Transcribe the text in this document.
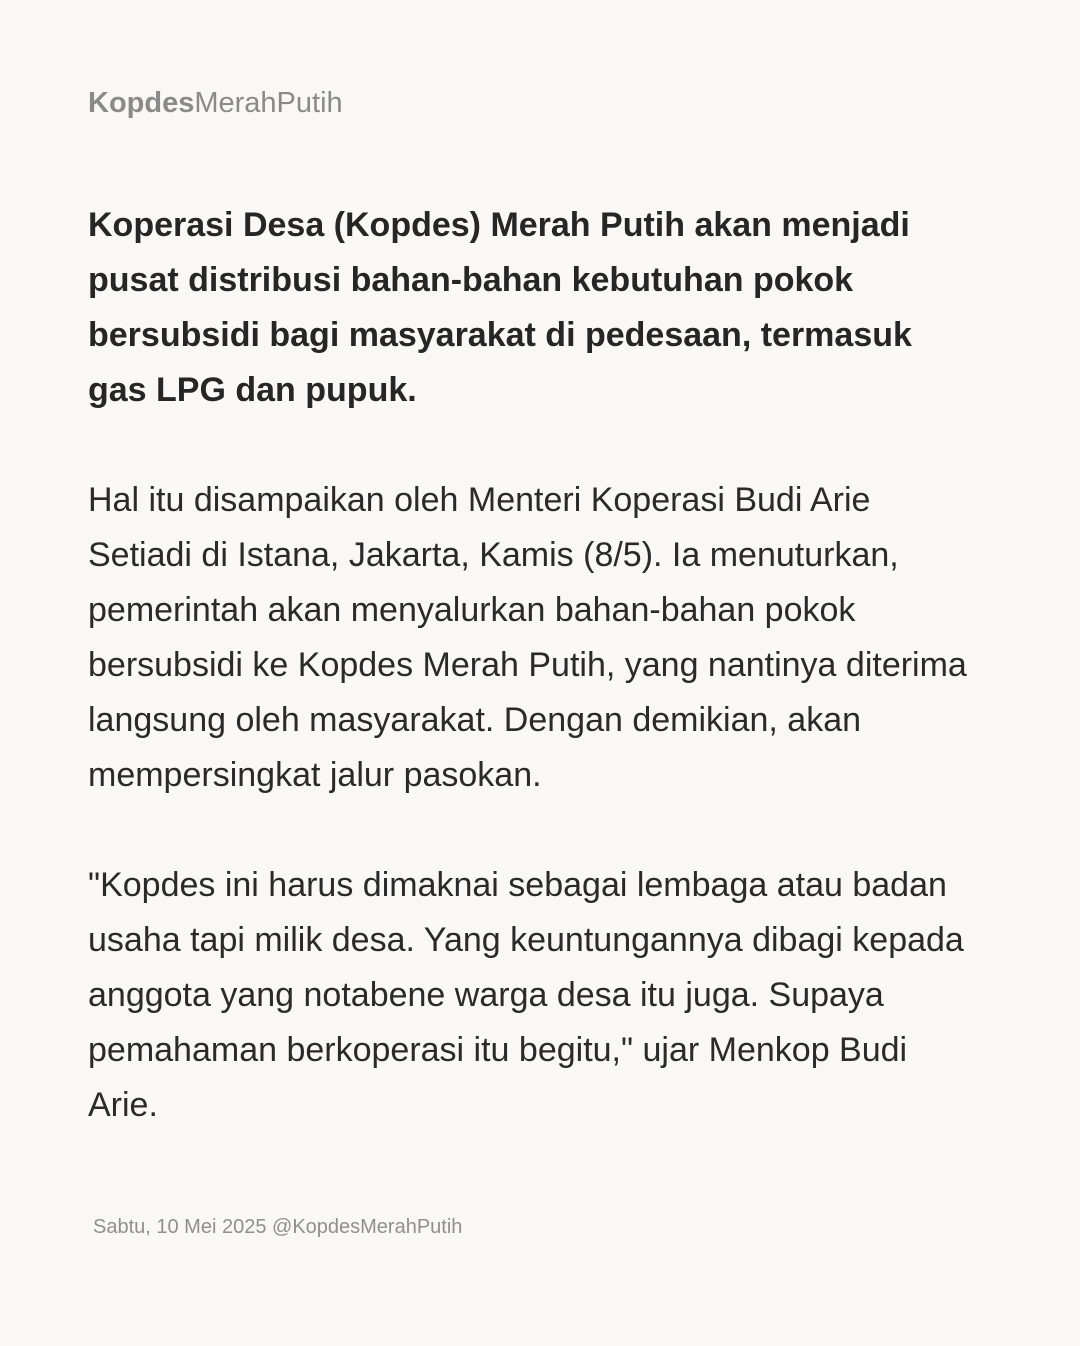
KopdesMerahPutih

Koperasi Desa (Kopdes) Merah Putih akan menjadi pusat distribusi bahan-bahan kebutuhan pokok bersubsidi bagi masyarakat di pedesaan, termasuk gas LPG dan pupuk.

Hal itu disampaikan oleh Menteri Koperasi Budi Arie Setiadi di Istana, Jakarta, Kamis (8/5). Ia menuturkan, pemerintah akan menyalurkan bahan-bahan pokok bersubsidi ke Kopdes Merah Putih, yang nantinya diterima langsung oleh masyarakat. Dengan demikian, akan mempersingkat jalur pasokan.

"Kopdes ini harus dimaknai sebagai lembaga atau badan usaha tapi milik desa. Yang keuntungannya dibagi kepada anggota yang notabene warga desa itu juga. Supaya pemahaman berkoperasi itu begitu," ujar Menkop Budi Arie.

Sabtu, 10 Mei 2025 @KopdesMerahPutih
